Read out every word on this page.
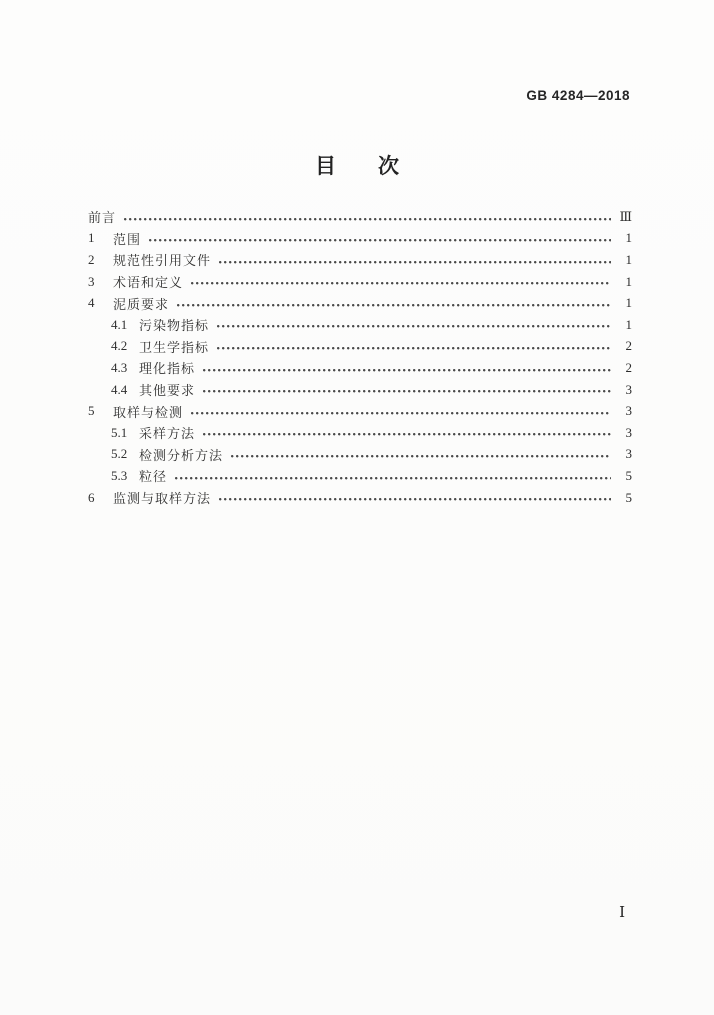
GB 4284—2018
目　　次
前言	Ⅲ
1	范围	1
2	规范性引用文件	1
3	术语和定义	1
4	泥质要求	1
4.1 污染物指标	1
4.2 卫生学指标	2
4.3 理化指标	2
4.4 其他要求	3
5	取样与检测	3
5.1 采样方法	3
5.2 检测分析方法	3
5.3 粒径	5
6	监测与取样方法	5
Ⅰ
